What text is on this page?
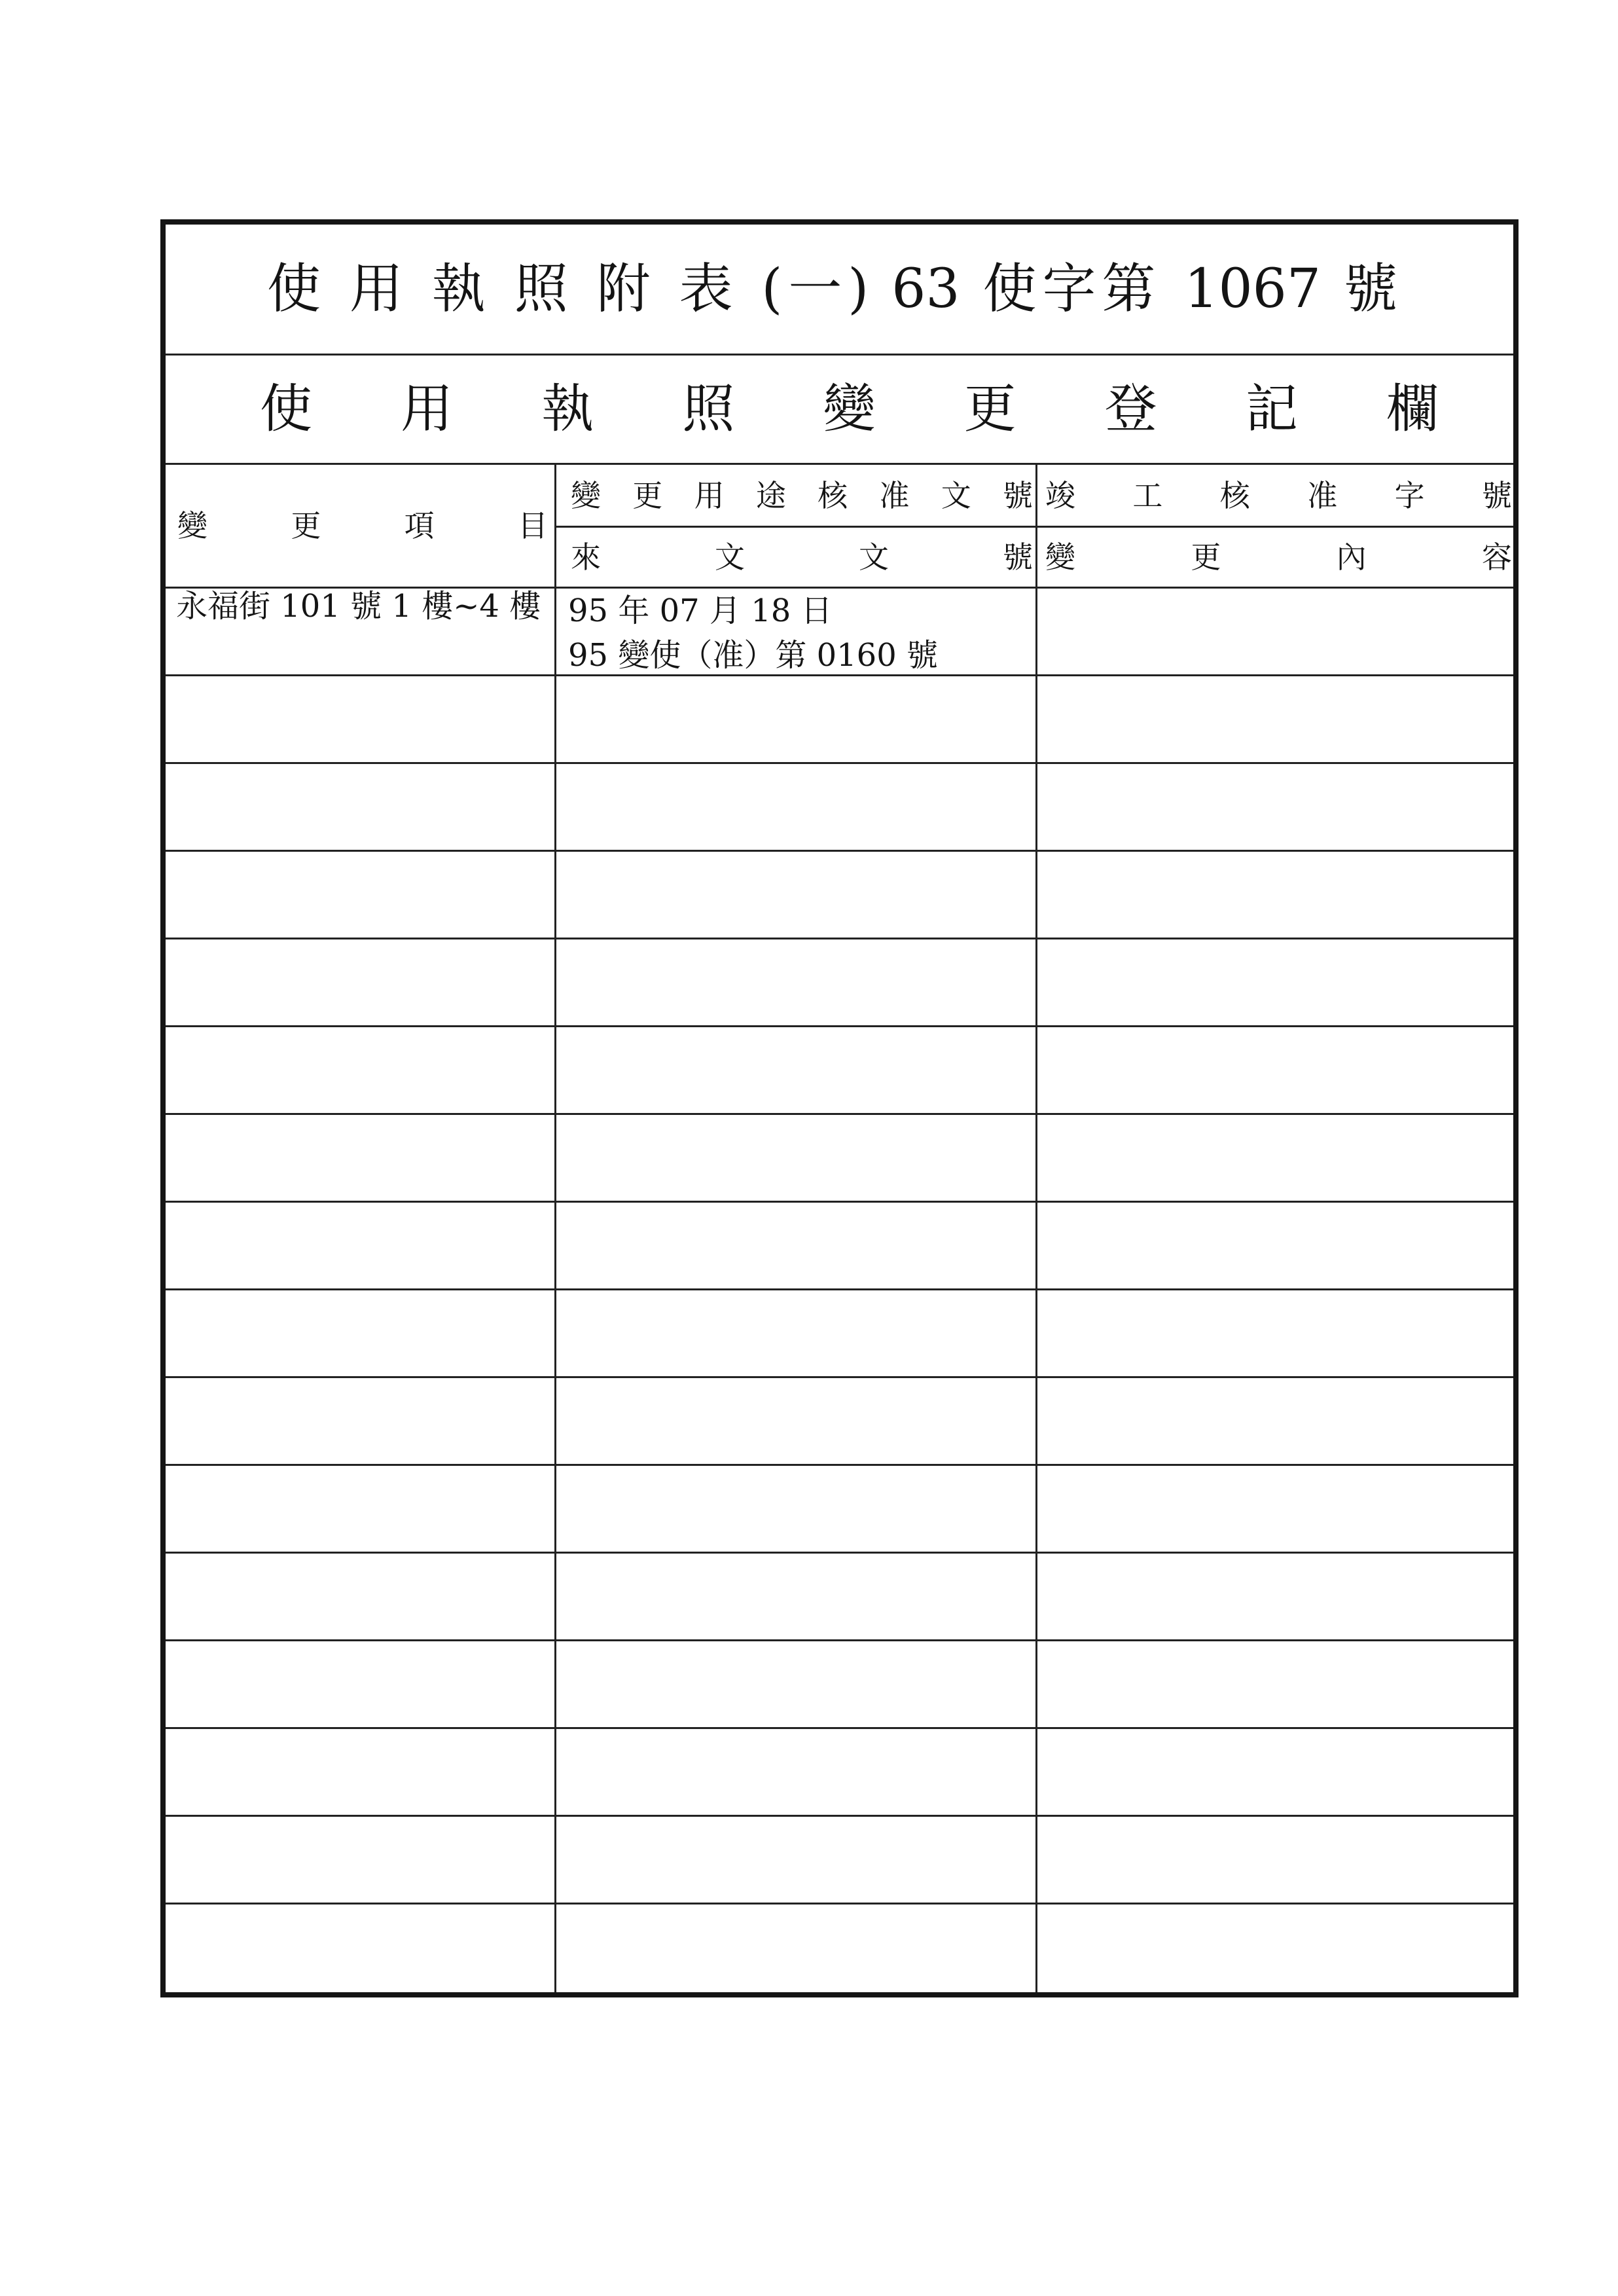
使 用 執 照 附 表 (一) 63 使字第 1067 號
使 用 執 照 變 更 登 記 欄
變 更 項 目
變 更 用 途 核 准 文 號 竣 工 核 准 字 號
來 文 文 號 變 更 內 容
永福街 101 號 1 樓~4 樓 95 年 07 月 18 日
95 變使（准）第 0160 號
